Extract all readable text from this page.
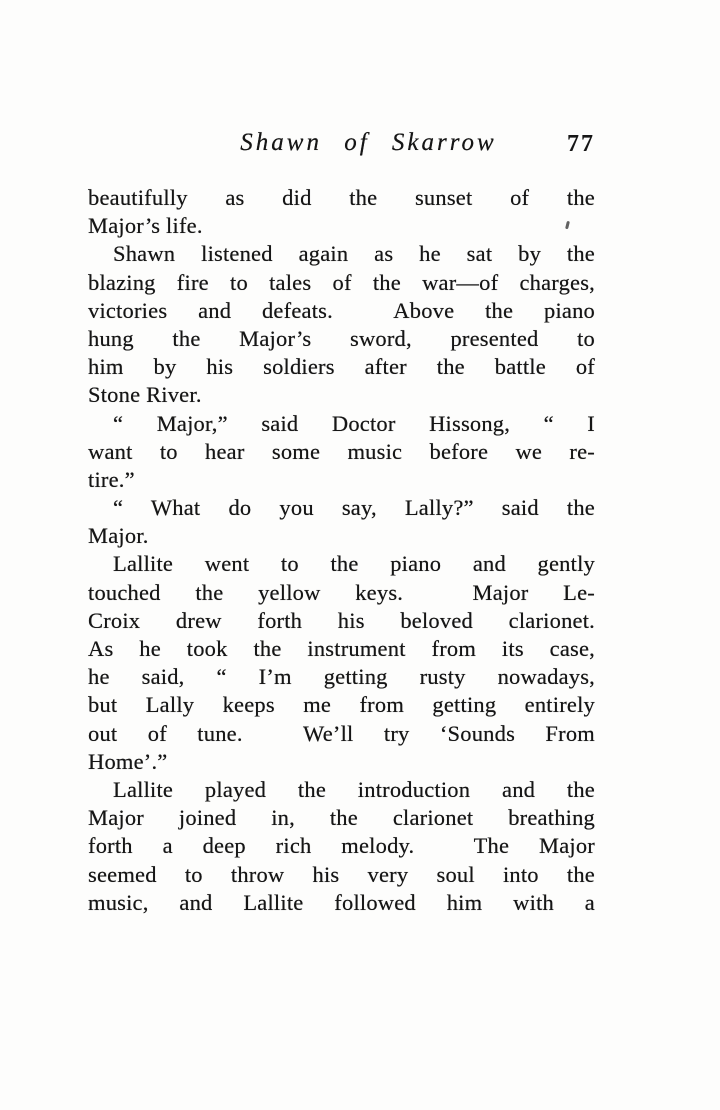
Shawn of Skarrow	77
beautifully as did the sunset of the
Major’s life.
Shawn listened again as he sat by the
blazing fire to tales of the war—of charges,
victories and defeats.  Above the piano
hung the Major’s sword, presented to
him by his soldiers after the battle of
Stone River.
“ Major,” said Doctor Hissong, “ I
want to hear some music before we re-
tire.”
“ What do you say, Lally?” said the
Major.
Lallite went to the piano and gently
touched the yellow keys.  Major Le-
Croix drew forth his beloved clarionet.
As he took the instrument from its case,
he said, “ I’m getting rusty nowadays,
but Lally keeps me from getting entirely
out of tune.  We’ll try ‘Sounds From
Home’.”
Lallite played the introduction and the
Major joined in, the clarionet breathing
forth a deep rich melody.  The Major
seemed to throw his very soul into the
music, and Lallite followed him with a
